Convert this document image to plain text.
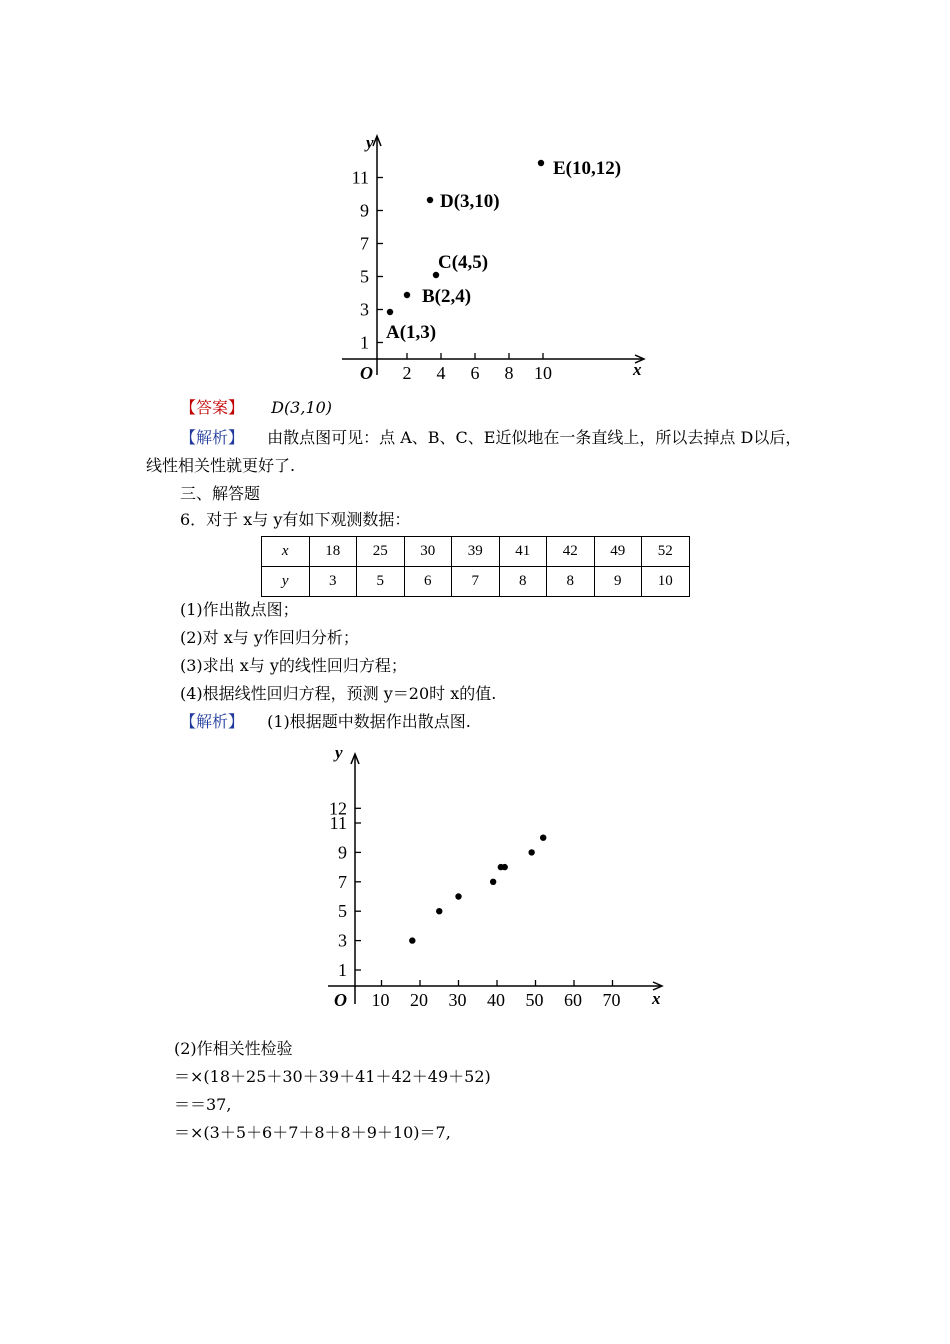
x
y
O 2 4 6 8 10
1
3
5
7
9
11
A(1,3)
B(2,4)
C(4,5)
D(3,10)
E(10,12)
【答案】 D(3,10)
【解析】 由散点图可见：点 A、B、C、E近似地在一条直线上，所以去掉点 D以后，
线性相关性就更好了.
三、解答题
6．对于 x与 y有如下观测数据：
x	18	25	30	39	41	42	49	52
y	3	5	6	7	8	8	9	10
(1)作出散点图；
(2)对 x与 y作回归分析；
(3)求出 x与 y的线性回归方程；
(4)根据线性回归方程，预测 y＝20时 x的值.
【解析】 (1)根据题中数据作出散点图.
x
y
O 10 20 30 40 50 60 70
1
3
5
7
9
11
12
(2)作相关性检验
＝×(18＋25＋30＋39＋41＋42＋49＋52)
＝＝37,
＝×(3＋5＋6＋7＋8＋8＋9＋10)＝7,
